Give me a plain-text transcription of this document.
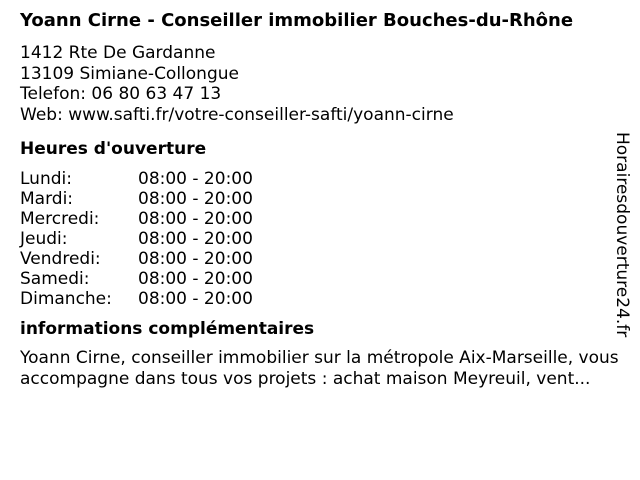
Yoann Cirne - Conseiller immobilier Bouches-du-Rhône
1412 Rte De Gardanne
13109 Simiane-Collongue
Telefon: 06 80 63 47 13
Web: www.safti.fr/votre-conseiller-safti/yoann-cirne
Heures d'ouverture
Lundi:	08:00 - 20:00
Mardi:	08:00 - 20:00
Mercredi:	08:00 - 20:00
Jeudi:	08:00 - 20:00
Vendredi:	08:00 - 20:00
Samedi:	08:00 - 20:00
Dimanche:	08:00 - 20:00
informations complémentaires
Yoann Cirne, conseiller immobilier sur la métropole Aix-Marseille, vous accompagne dans tous vos projets : achat maison Meyreuil, vent...
Horairesdouverture24.fr
